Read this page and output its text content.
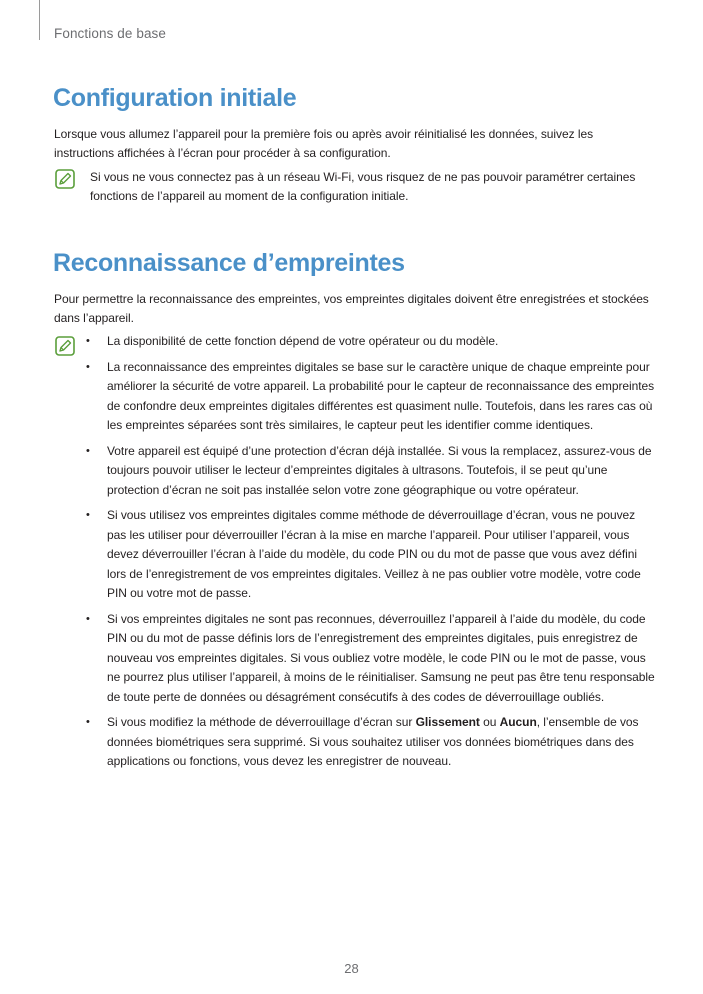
Fonctions de base
Configuration initiale

Lorsque vous allumez l’appareil pour la première fois ou après avoir réinitialisé les données, suivez les instructions affichées à l’écran pour procéder à sa configuration.

Si vous ne vous connectez pas à un réseau Wi-Fi, vous risquez de ne pas pouvoir paramétrer certaines fonctions de l’appareil au moment de la configuration initiale.

Reconnaissance d’empreintes

Pour permettre la reconnaissance des empreintes, vos empreintes digitales doivent être enregistrées et stockées dans l’appareil.

• La disponibilité de cette fonction dépend de votre opérateur ou du modèle.
• La reconnaissance des empreintes digitales se base sur le caractère unique de chaque empreinte pour améliorer la sécurité de votre appareil. La probabilité pour le capteur de reconnaissance des empreintes de confondre deux empreintes digitales différentes est quasiment nulle. Toutefois, dans les rares cas où les empreintes séparées sont très similaires, le capteur peut les identifier comme identiques.
• Votre appareil est équipé d’une protection d’écran déjà installée. Si vous la remplacez, assurez-vous de toujours pouvoir utiliser le lecteur d’empreintes digitales à ultrasons. Toutefois, il se peut qu’une protection d’écran ne soit pas installée selon votre zone géographique ou votre opérateur.
• Si vous utilisez vos empreintes digitales comme méthode de déverrouillage d’écran, vous ne pouvez pas les utiliser pour déverrouiller l’écran à la mise en marche l’appareil. Pour utiliser l’appareil, vous devez déverrouiller l’écran à l’aide du modèle, du code PIN ou du mot de passe que vous avez défini lors de l’enregistrement de vos empreintes digitales. Veillez à ne pas oublier votre modèle, votre code PIN ou votre mot de passe.
• Si vos empreintes digitales ne sont pas reconnues, déverrouillez l’appareil à l’aide du modèle, du code PIN ou du mot de passe définis lors de l’enregistrement des empreintes digitales, puis enregistrez de nouveau vos empreintes digitales. Si vous oubliez votre modèle, le code PIN ou le mot de passe, vous ne pourrez plus utiliser l’appareil, à moins de le réinitialiser. Samsung ne peut pas être tenu responsable de toute perte de données ou désagrément consécutifs à des codes de déverrouillage oubliés.
• Si vous modifiez la méthode de déverrouillage d’écran sur Glissement ou Aucun, l’ensemble de vos données biométriques sera supprimé. Si vous souhaitez utiliser vos données biométriques dans des applications ou fonctions, vous devez les enregistrer de nouveau.
28
